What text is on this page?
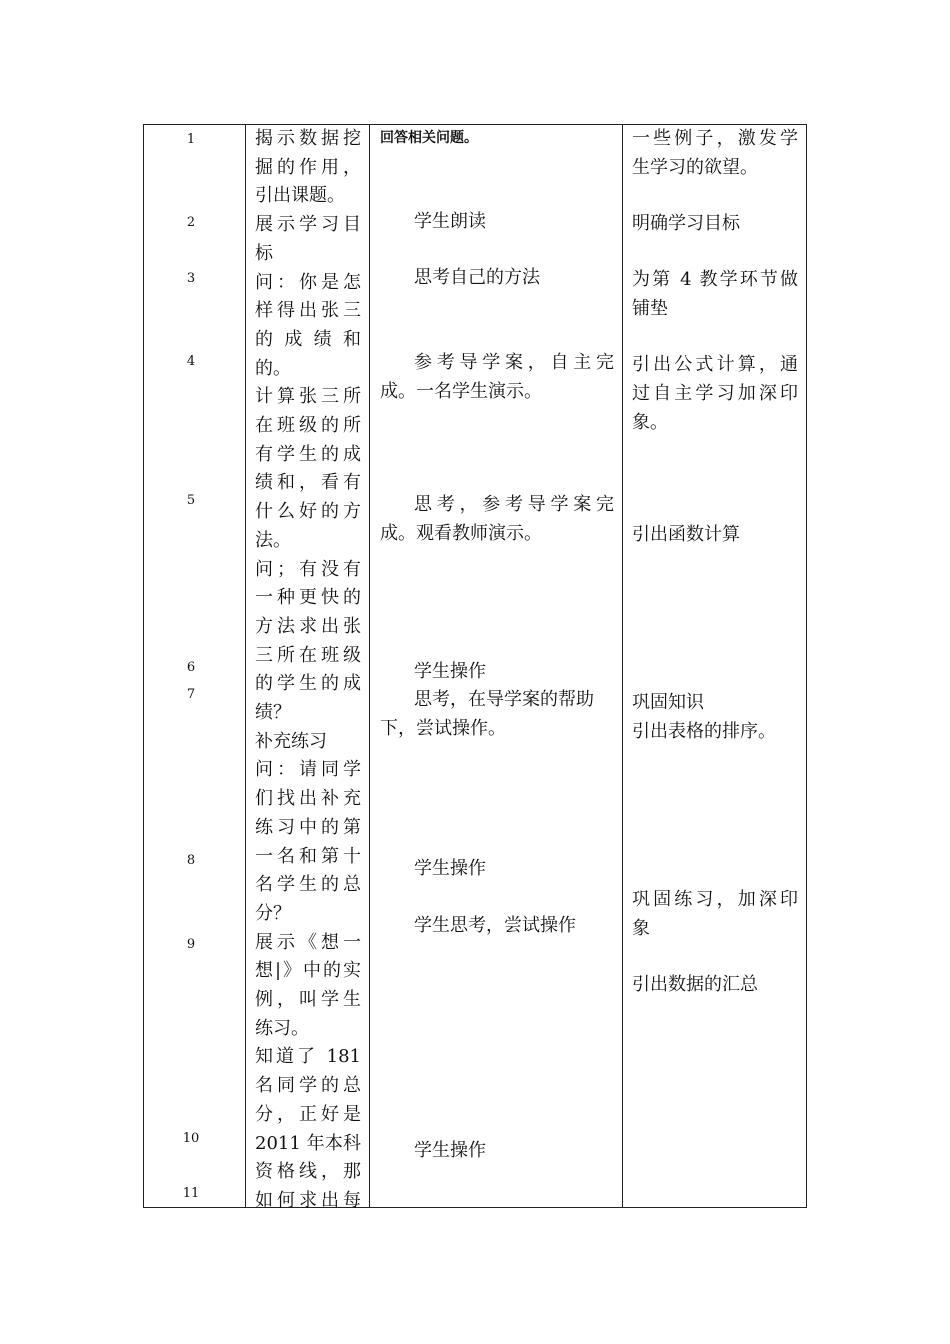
1
2
3
4
5
6
7
8
9
10
11
揭示数据挖
掘的作用，
引出课题。
展示学习目
标
问：你是怎
样得出张三
的成绩和
的。
计算张三所
在班级的所
有学生的成
绩和，看有
什么好的方
法。
问；有没有
一种更快的
方法求出张
三所在班级
的学生的成
绩？
补充练习
问：请同学
们找出补充
练习中的第
一名和第十
名学生的总
分？
展示《想一
想|》中的实
例，叫学生
练习。
知道了 181
名同学的总
分，正好是
2011 年本科
资格线，那
如何求出每
回答相关问题。
学生朗读
思考自己的方法
参考导学案，自主完
成。一名学生演示。
思考，参考导学案完
成。观看教师演示。
学生操作
思考，在导学案的帮助
下，尝试操作。
学生操作
学生思考，尝试操作
学生操作
一些例子，激发学
生学习的欲望。
明确学习目标
为第 4 教学环节做
铺垫
引出公式计算，通
过自主学习加深印
象。
引出函数计算
巩固知识
引出表格的排序。
巩固练习，加深印
象
引出数据的汇总
